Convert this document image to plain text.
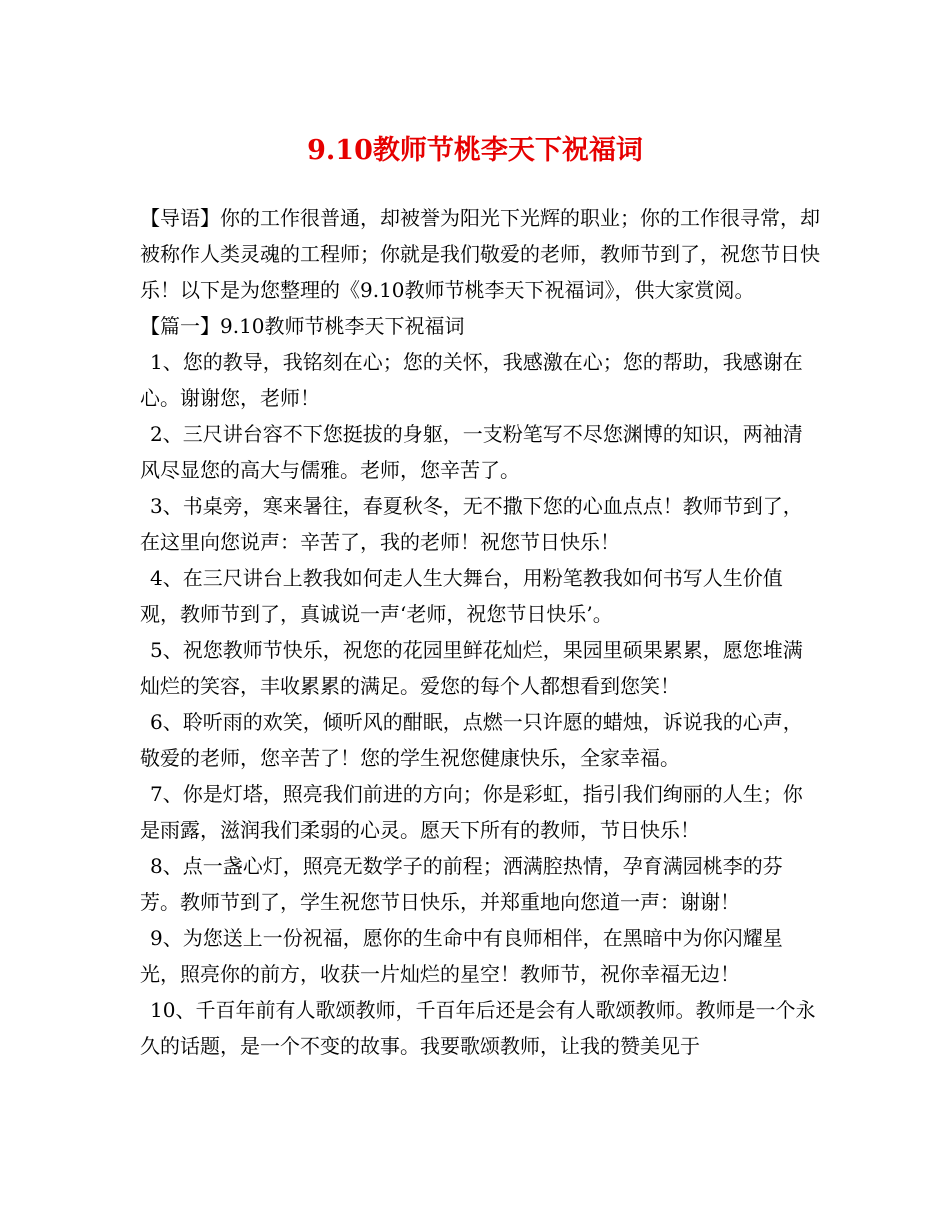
9.10教师节桃李天下祝福词

【导语】你的工作很普通，却被誉为阳光下光辉的职业；你的工作很寻常，却被称作人类灵魂的工程师；你就是我们敬爱的老师，教师节到了，祝您节日快乐！以下是为您整理的《9.10教师节桃李天下祝福词》，供大家赏阅。

【篇一】9.10教师节桃李天下祝福词

1、您的教导，我铭刻在心；您的关怀，我感激在心；您的帮助，我感谢在心。谢谢您，老师！

2、三尺讲台容不下您挺拔的身躯，一支粉笔写不尽您渊博的知识，两袖清风尽显您的高大与儒雅。老师，您辛苦了。

3、书桌旁，寒来暑往，春夏秋冬，无不撒下您的心血点点！教师节到了，在这里向您说声：辛苦了，我的老师！祝您节日快乐！

4、在三尺讲台上教我如何走人生大舞台，用粉笔教我如何书写人生价值观，教师节到了，真诚说一声‘老师，祝您节日快乐’。

5、祝您教师节快乐，祝您的花园里鲜花灿烂，果园里硕果累累，愿您堆满灿烂的笑容，丰收累累的满足。爱您的每个人都想看到您笑！

6、聆听雨的欢笑，倾听风的酣眠，点燃一只许愿的蜡烛，诉说我的心声，敬爱的老师，您辛苦了！您的学生祝您健康快乐，全家幸福。

7、你是灯塔，照亮我们前进的方向；你是彩虹，指引我们绚丽的人生；你是雨露，滋润我们柔弱的心灵。愿天下所有的教师，节日快乐！

8、点一盏心灯，照亮无数学子的前程；洒满腔热情，孕育满园桃李的芬芳。教师节到了，学生祝您节日快乐，并郑重地向您道一声：谢谢！

9、为您送上一份祝福，愿你的生命中有良师相伴，在黑暗中为你闪耀星光，照亮你的前方，收获一片灿烂的星空！教师节，祝你幸福无边！

10、千百年前有人歌颂教师，千百年后还是会有人歌颂教师。教师是一个永久的话题，是一个不变的故事。我要歌颂教师，让我的赞美见于
